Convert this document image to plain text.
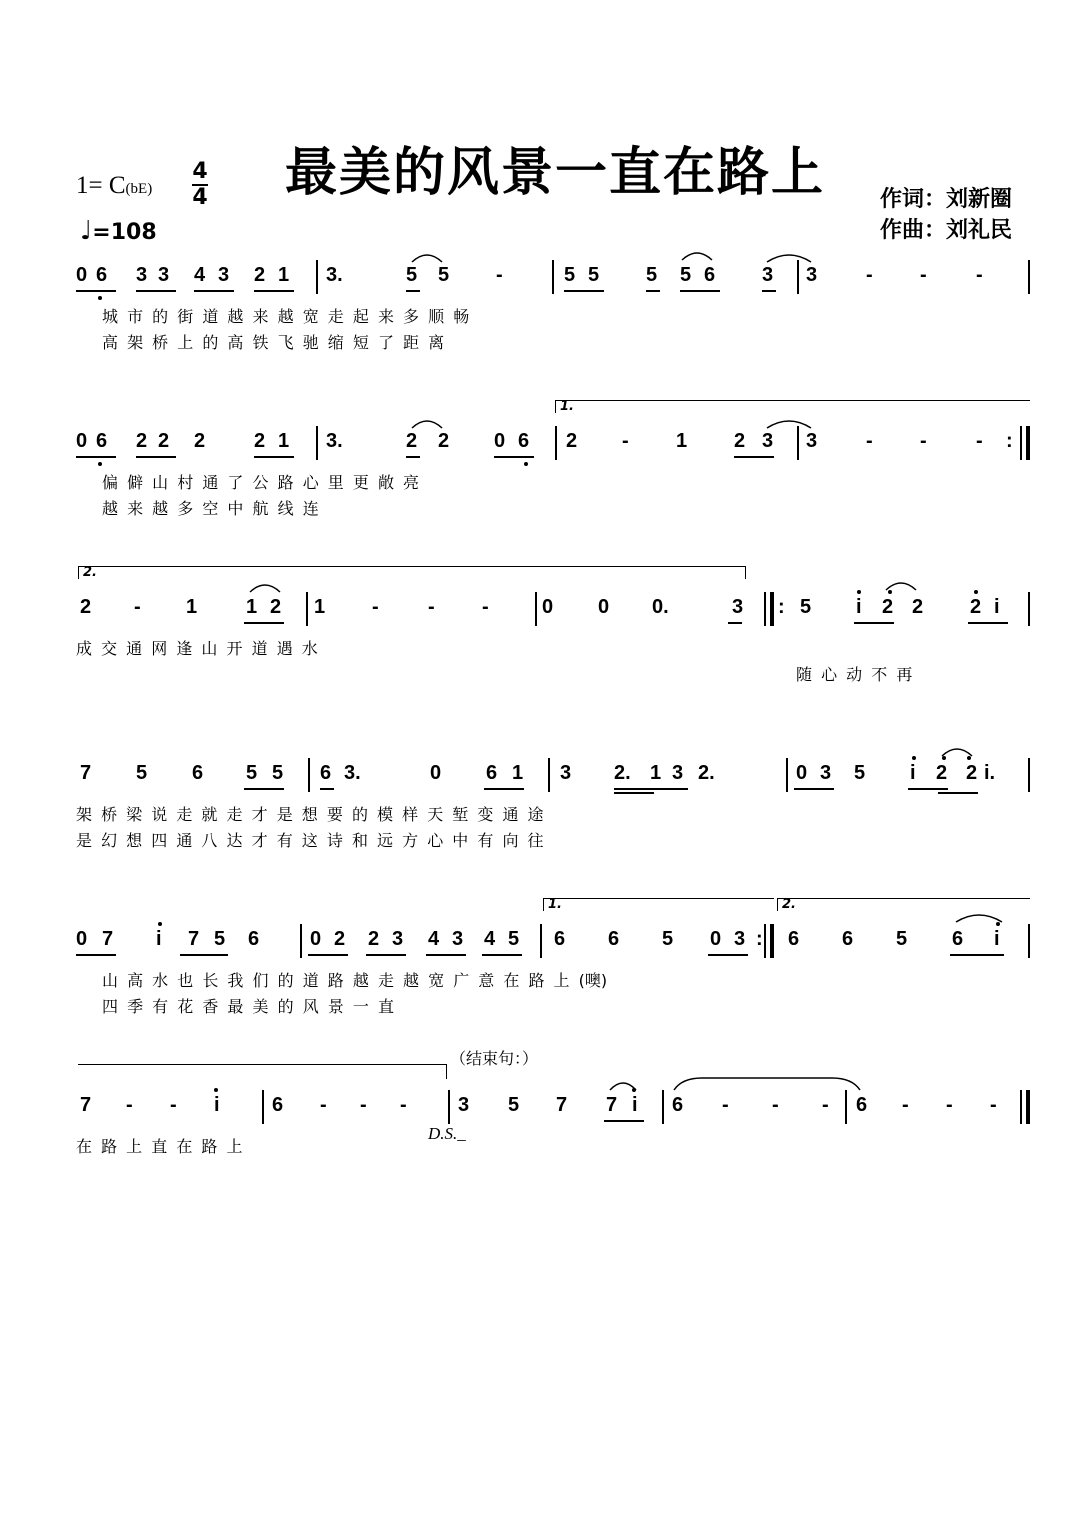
最美的风景一直在路上
1= C(bE)
4
4
♩=108
作词：刘新圈
作曲：刘礼民
0 6 3 3 4 3 2 1 3.	5 5 -	5 5 5 5 6 3 3 - - -
城 市 的 街 道 越 来 越 宽 走 起 来 多 顺 畅
高 架 桥 上 的 高 铁 飞 驰 缩 短 了 距 离
1.
0 6 2 2 2 2 1 3.	2 2 0 6 2 - 1 2 3 3 - - - :
偏 僻 山 村 通 了 公 路 心 里 更 敞 亮
越 来 越 多 空 中 航 线 连
2.
2 - 1 1 2 1 - - -	0 0 0.	3 : 5 i 2 2 2 i
成 交 通 网 逢 山 开 道 遇 水
随 心 动 不 再
7 5 6 5 5 6 3.	0 6 1 3 2. 1 3 2.	0 3 5 i 2 2 i.
架 桥 梁 说 走 就 走 才 是 想 要 的 模 样 天 堑 变 通 途
是 幻 想 四 通 八 达 才 有 这 诗 和 远 方 心 中 有 向 往
1.	2.
0 7 i 7 5 6	0 2 2 3 4 3 4 5 6 6 5 0 3 : 6 6 5 6 i
山 高 水 也 长 我 们 的 道 路 越 走 越 宽 广 意 在 路 上 (噢)
四 季 有 花 香 最 美 的 风 景 一 直
（结束句：）
7 - - i	6 - - -	3 5 7 7 i 6 - - - 6 - - -
在 路 上 直 在 路 上
D.S._
